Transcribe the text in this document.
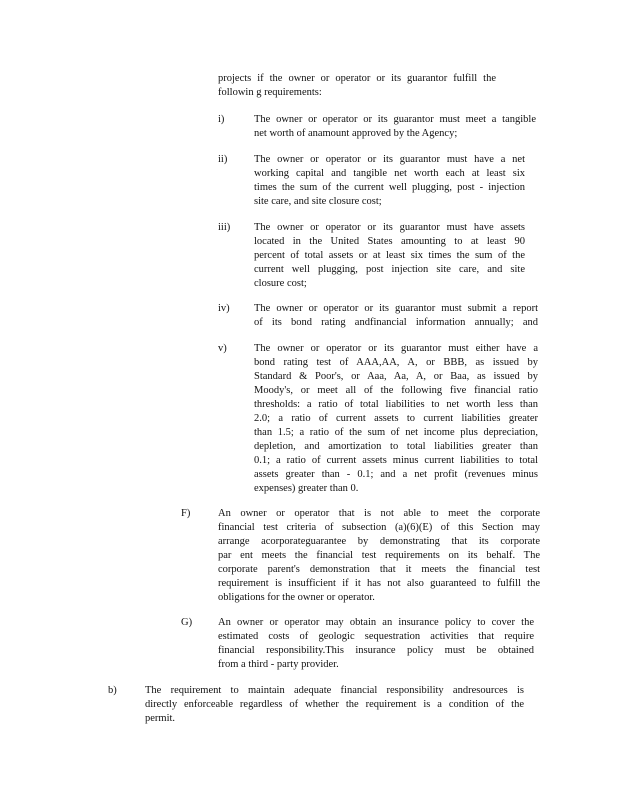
projects if the owner or operator or its guarantor fulfill the
followin g requirements:
i)	The owner or operator or its guarantor must meet a tangible
net worth of anamount approved by the Agency;
ii)	The owner or operator or its guarantor must have a net
working capital and tangible net worth each at least six
times the sum of the current well plugging, post - injection
site care, and site closure cost;
iii) The owner or operator or its guarantor must have assets
located in the United States amounting to at least 90
percent of total assets or at least six times the sum of the
current well plugging, post injection site care, and site
closure cost;
iv) The owner or operator or its guarantor must submit a report
of its bond rating andfinancial information annually; and
v)	The owner or operator or its guarantor must either have a
bond rating test of AAA,AA, A, or BBB, as issued by
Standard & Poor's, or Aaa, Aa, A, or Baa, as issued by
Moody's, or meet all of the following five financial ratio
thresholds: a ratio of total liabilities to net worth less than
2.0; a ratio of current assets to current liabilities greater
than 1.5; a ratio of the sum of net income plus depreciation,
depletion, and amortization to total liabilities greater than
0.1; a ratio of current assets minus current liabilities to total
assets greater than - 0.1; and a net profit (revenues minus
expenses) greater than 0.
F)	An owner or operator that is not able to meet the corporate
financial test criteria of subsection (a)(6)(E) of this Section may
arrange acorporateguarantee by demonstrating that its corporate
par ent meets the financial test requirements on its behalf. The
corporate parent's demonstration that it meets the financial test
requirement is insufficient if it has not also guaranteed to fulfill the
obligations for the owner or operator.
G) An owner or operator may obtain an insurance policy to cover the
estimated costs of geologic sequestration activities that require
financial responsibility.This insurance policy must be obtained
from a third - party provider.
b)	The requirement to maintain adequate financial responsibility andresources is
directly enforceable regardless of whether the requirement is a condition of the
permit.
